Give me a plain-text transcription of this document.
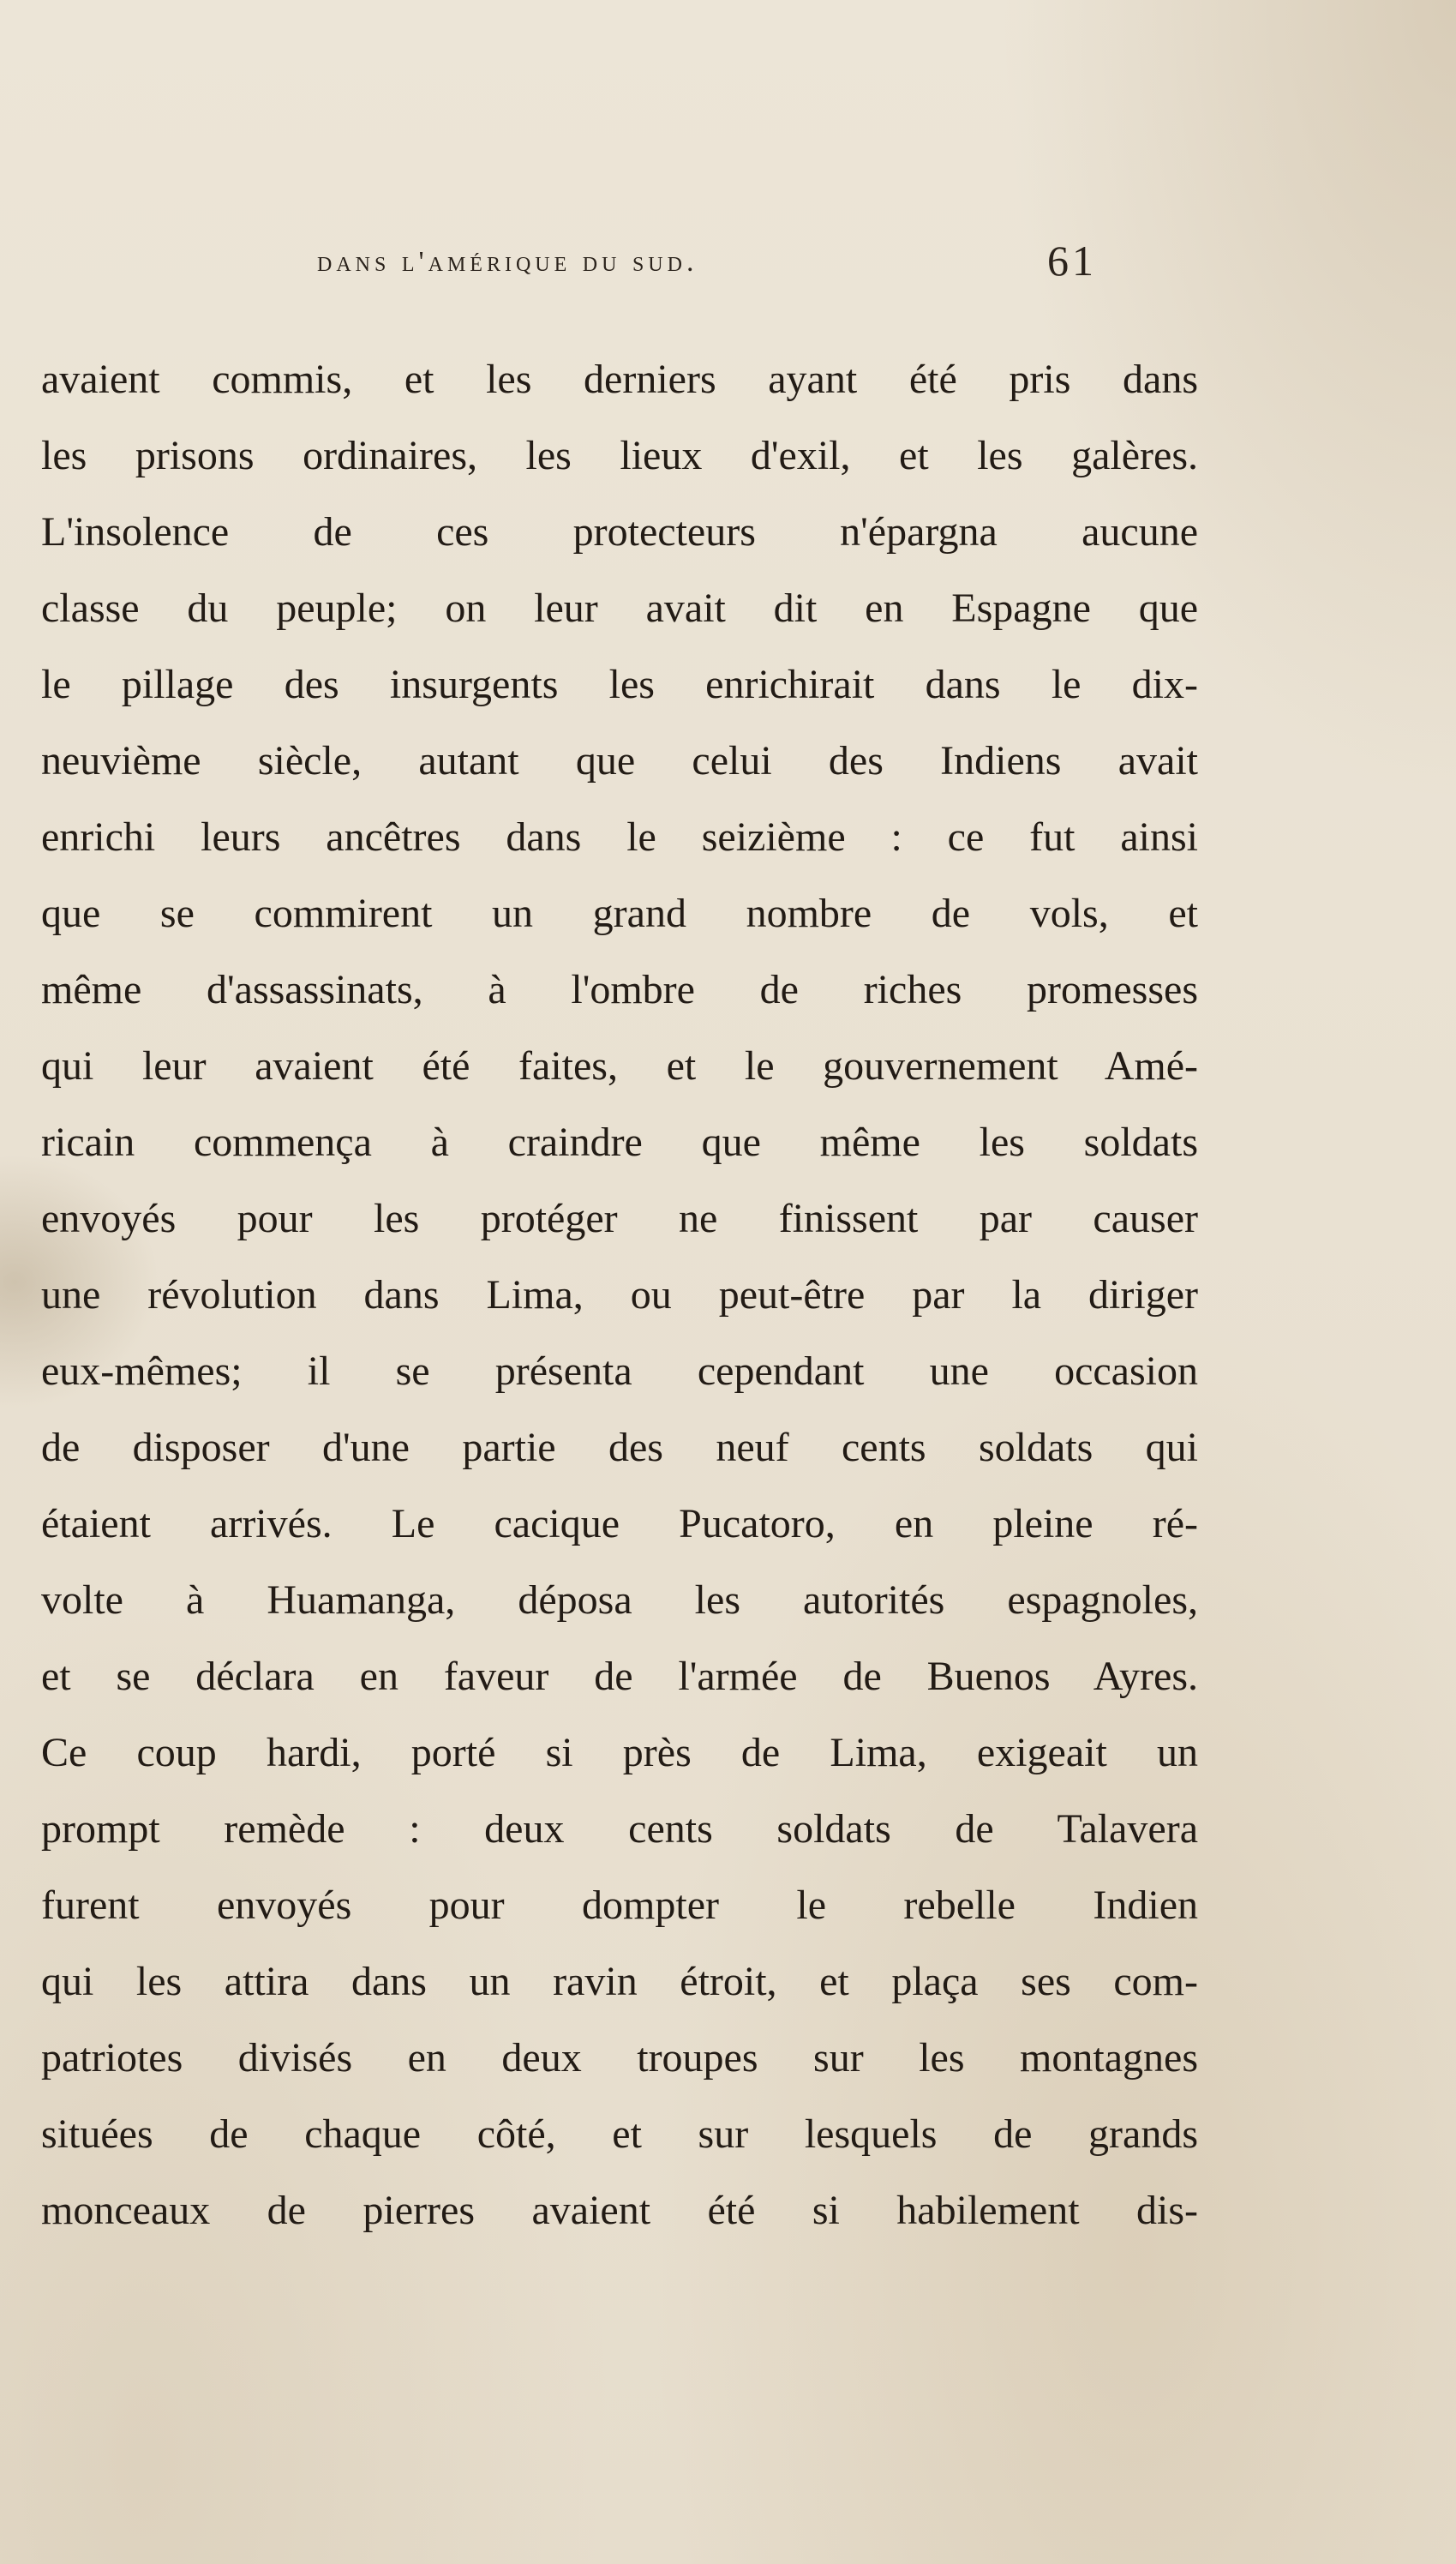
dans l'amérique du sud.	61
avaient commis, et les derniers ayant été pris dans
les prisons ordinaires, les lieux d'exil, et les galères.
L'insolence de ces protecteurs n'épargna aucune
classe du peuple; on leur avait dit en Espagne que
le pillage des insurgents les enrichirait dans le dix-
neuvième siècle, autant que celui des Indiens avait
enrichi leurs ancêtres dans le seizième : ce fut ainsi
que se commirent un grand nombre de vols, et
même d'assassinats, à l'ombre de riches promesses
qui leur avaient été faites, et le gouvernement Amé-
ricain commença à craindre que même les soldats
envoyés pour les protéger ne finissent par causer
une révolution dans Lima, ou peut-être par la diriger
eux-mêmes; il se présenta cependant une occasion
de disposer d'une partie des neuf cents soldats qui
étaient arrivés. Le cacique Pucatoro, en pleine ré-
volte à Huamanga, déposa les autorités espagnoles,
et se déclara en faveur de l'armée de Buenos Ayres.
Ce coup hardi, porté si près de Lima, exigeait un
prompt remède : deux cents soldats de Talavera
furent envoyés pour dompter le rebelle Indien
qui les attira dans un ravin étroit, et plaça ses com-
patriotes divisés en deux troupes sur les montagnes
situées de chaque côté, et sur lesquels de grands
monceaux de pierres avaient été si habilement dis-
